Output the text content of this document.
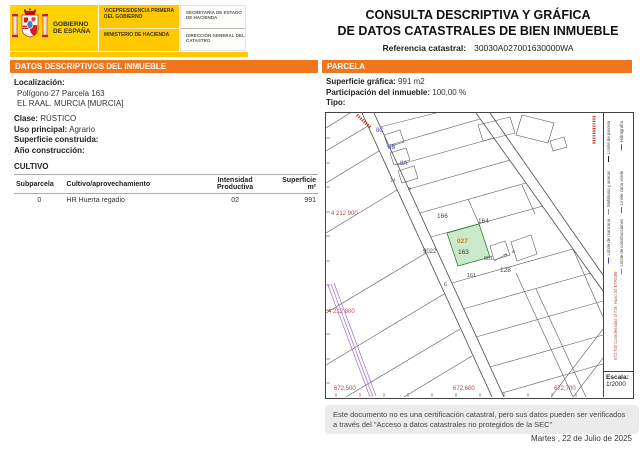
GOBIERNO
DE ESPAÑA
VICEPRESIDENCIA PRIMERA DEL GOBIERNO
MINISTERIO DE HACIENDA
SECRETARÍA DE ESTADO DE HACIENDA
DIRECCIÓN GENERAL DEL CATASTRO
CONSULTA DESCRIPTIVA Y GRÁFICA
DE DATOS CATASTRALES DE BIEN INMUEBLE
Referencia catastral: 30030A027001630000WA
DATOS DESCRIPTIVOS DEL INMUEBLE
Localización:
Polígono 27 Parcela 163
EL RAAL. MURCIA [MURCIA]
Clase: RÚSTICO
Uso principal: Agrario
Superficie construida:
Año construcción:
CULTIVO
Subparcela	Cultivo/aprovechamiento	Intensidad Productiva	Superficie m²
0	HR Huerta regadio	02	991
PARCELA
Superficie gráfica: 991 m2
Participación del inmueble: 100,00 %
Tipo:
8C
8B
8A
a
14
166
164
027
163
9022
601
a
161
128
6
4 212 900
4 212 800
672,500	672,600	672,700
Límite de parcela Hidrografía
Mobiliario y aceras Límite zona verde
Límite de manzana Límite de construcciones
672.700 Coordenadas U.T.M. Huso 30 ETRS89
Escala:
1/2000
Este documento no es una certificación catastral, pero sus datos pueden ser verificados a través del "Acceso a datos catastrales no protegidos de la SEC"
Martes , 22 de Julio de 2025
